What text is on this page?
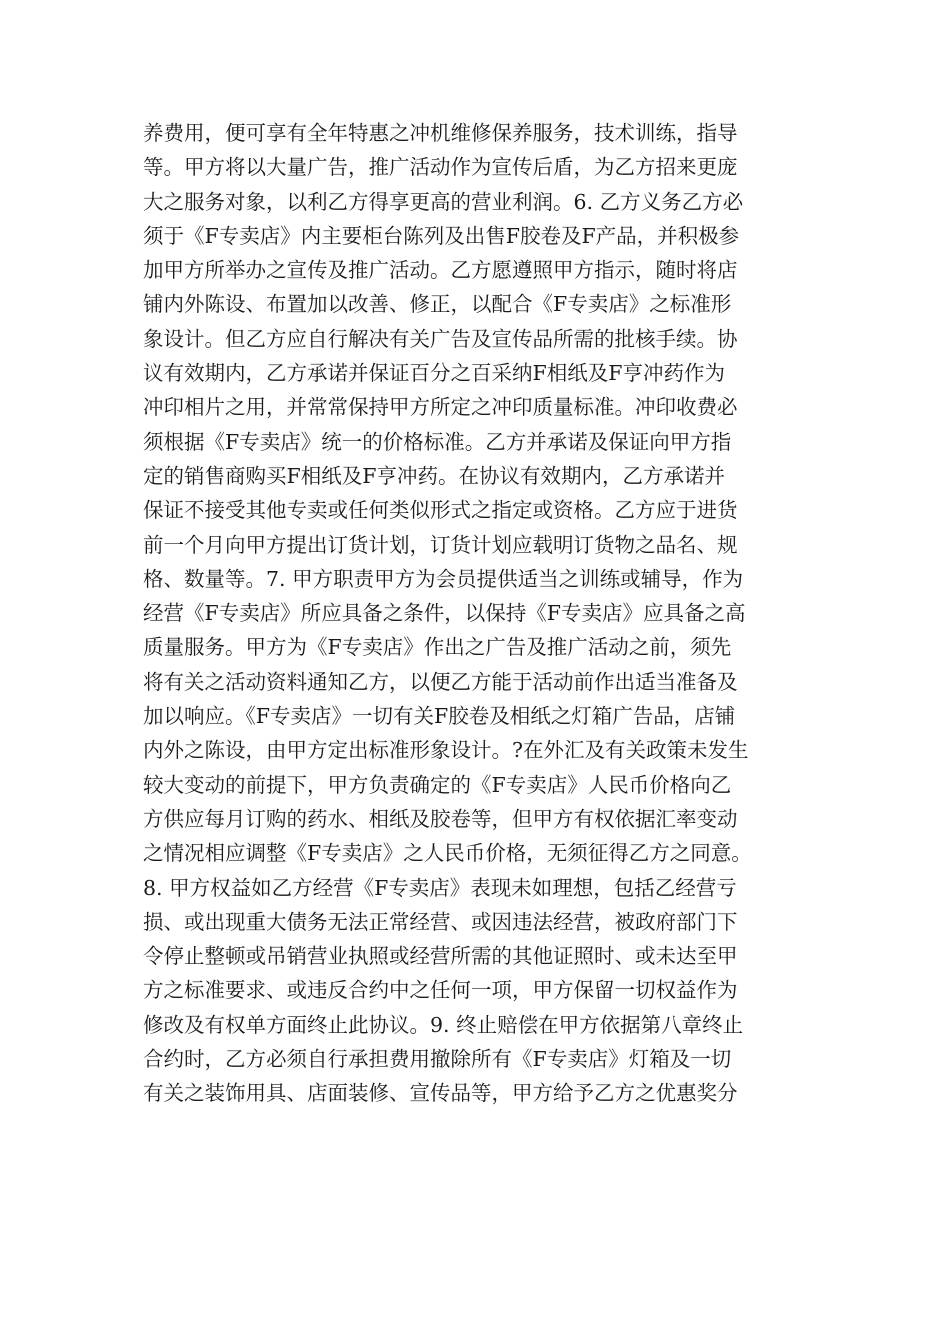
养费用，便可享有全年特惠之冲机维修保养服务，技术训练，指导
等。甲方将以大量广告，推广活动作为宣传后盾，为乙方招来更庞
大之服务对象，以利乙方得享更高的营业利润。6. 乙方义务乙方必
须于《F专卖店》内主要柜台陈列及出售F胶卷及F产品，并积极参
加甲方所举办之宣传及推广活动。乙方愿遵照甲方指示，随时将店
铺内外陈设、布置加以改善、修正，以配合《F专卖店》之标准形
象设计。但乙方应自行解决有关广告及宣传品所需的批核手续。协
议有效期内，乙方承诺并保证百分之百采纳F相纸及F亨冲药作为
冲印相片之用，并常常保持甲方所定之冲印质量标准。冲印收费必
须根据《F专卖店》统一的价格标准。乙方并承诺及保证向甲方指
定的销售商购买F相纸及F亨冲药。在协议有效期内，乙方承诺并
保证不接受其他专卖或任何类似形式之指定或资格。乙方应于进货
前一个月向甲方提出订货计划，订货计划应载明订货物之品名、规
格、数量等。7. 甲方职责甲方为会员提供适当之训练或辅导，作为
经营《F专卖店》所应具备之条件，以保持《F专卖店》应具备之高
质量服务。甲方为《F专卖店》作出之广告及推广活动之前，须先
将有关之活动资料通知乙方，以便乙方能于活动前作出适当准备及
加以响应。《F专卖店》一切有关F胶卷及相纸之灯箱广告品，店铺
内外之陈设，由甲方定出标准形象设计。?在外汇及有关政策未发生
较大变动的前提下，甲方负责确定的《F专卖店》人民币价格向乙
方供应每月订购的药水、相纸及胶卷等，但甲方有权依据汇率变动
之情况相应调整《F专卖店》之人民币价格，无须征得乙方之同意。
8. 甲方权益如乙方经营《F专卖店》表现未如理想，包括乙经营亏
损、或出现重大债务无法正常经营、或因违法经营，被政府部门下
令停止整顿或吊销营业执照或经营所需的其他证照时、或未达至甲
方之标准要求、或违反合约中之任何一项，甲方保留一切权益作为
修改及有权单方面终止此协议。9. 终止赔偿在甲方依据第八章终止
合约时，乙方必须自行承担费用撤除所有《F专卖店》灯箱及一切
有关之装饰用具、店面装修、宣传品等，甲方给予乙方之优惠奖分
